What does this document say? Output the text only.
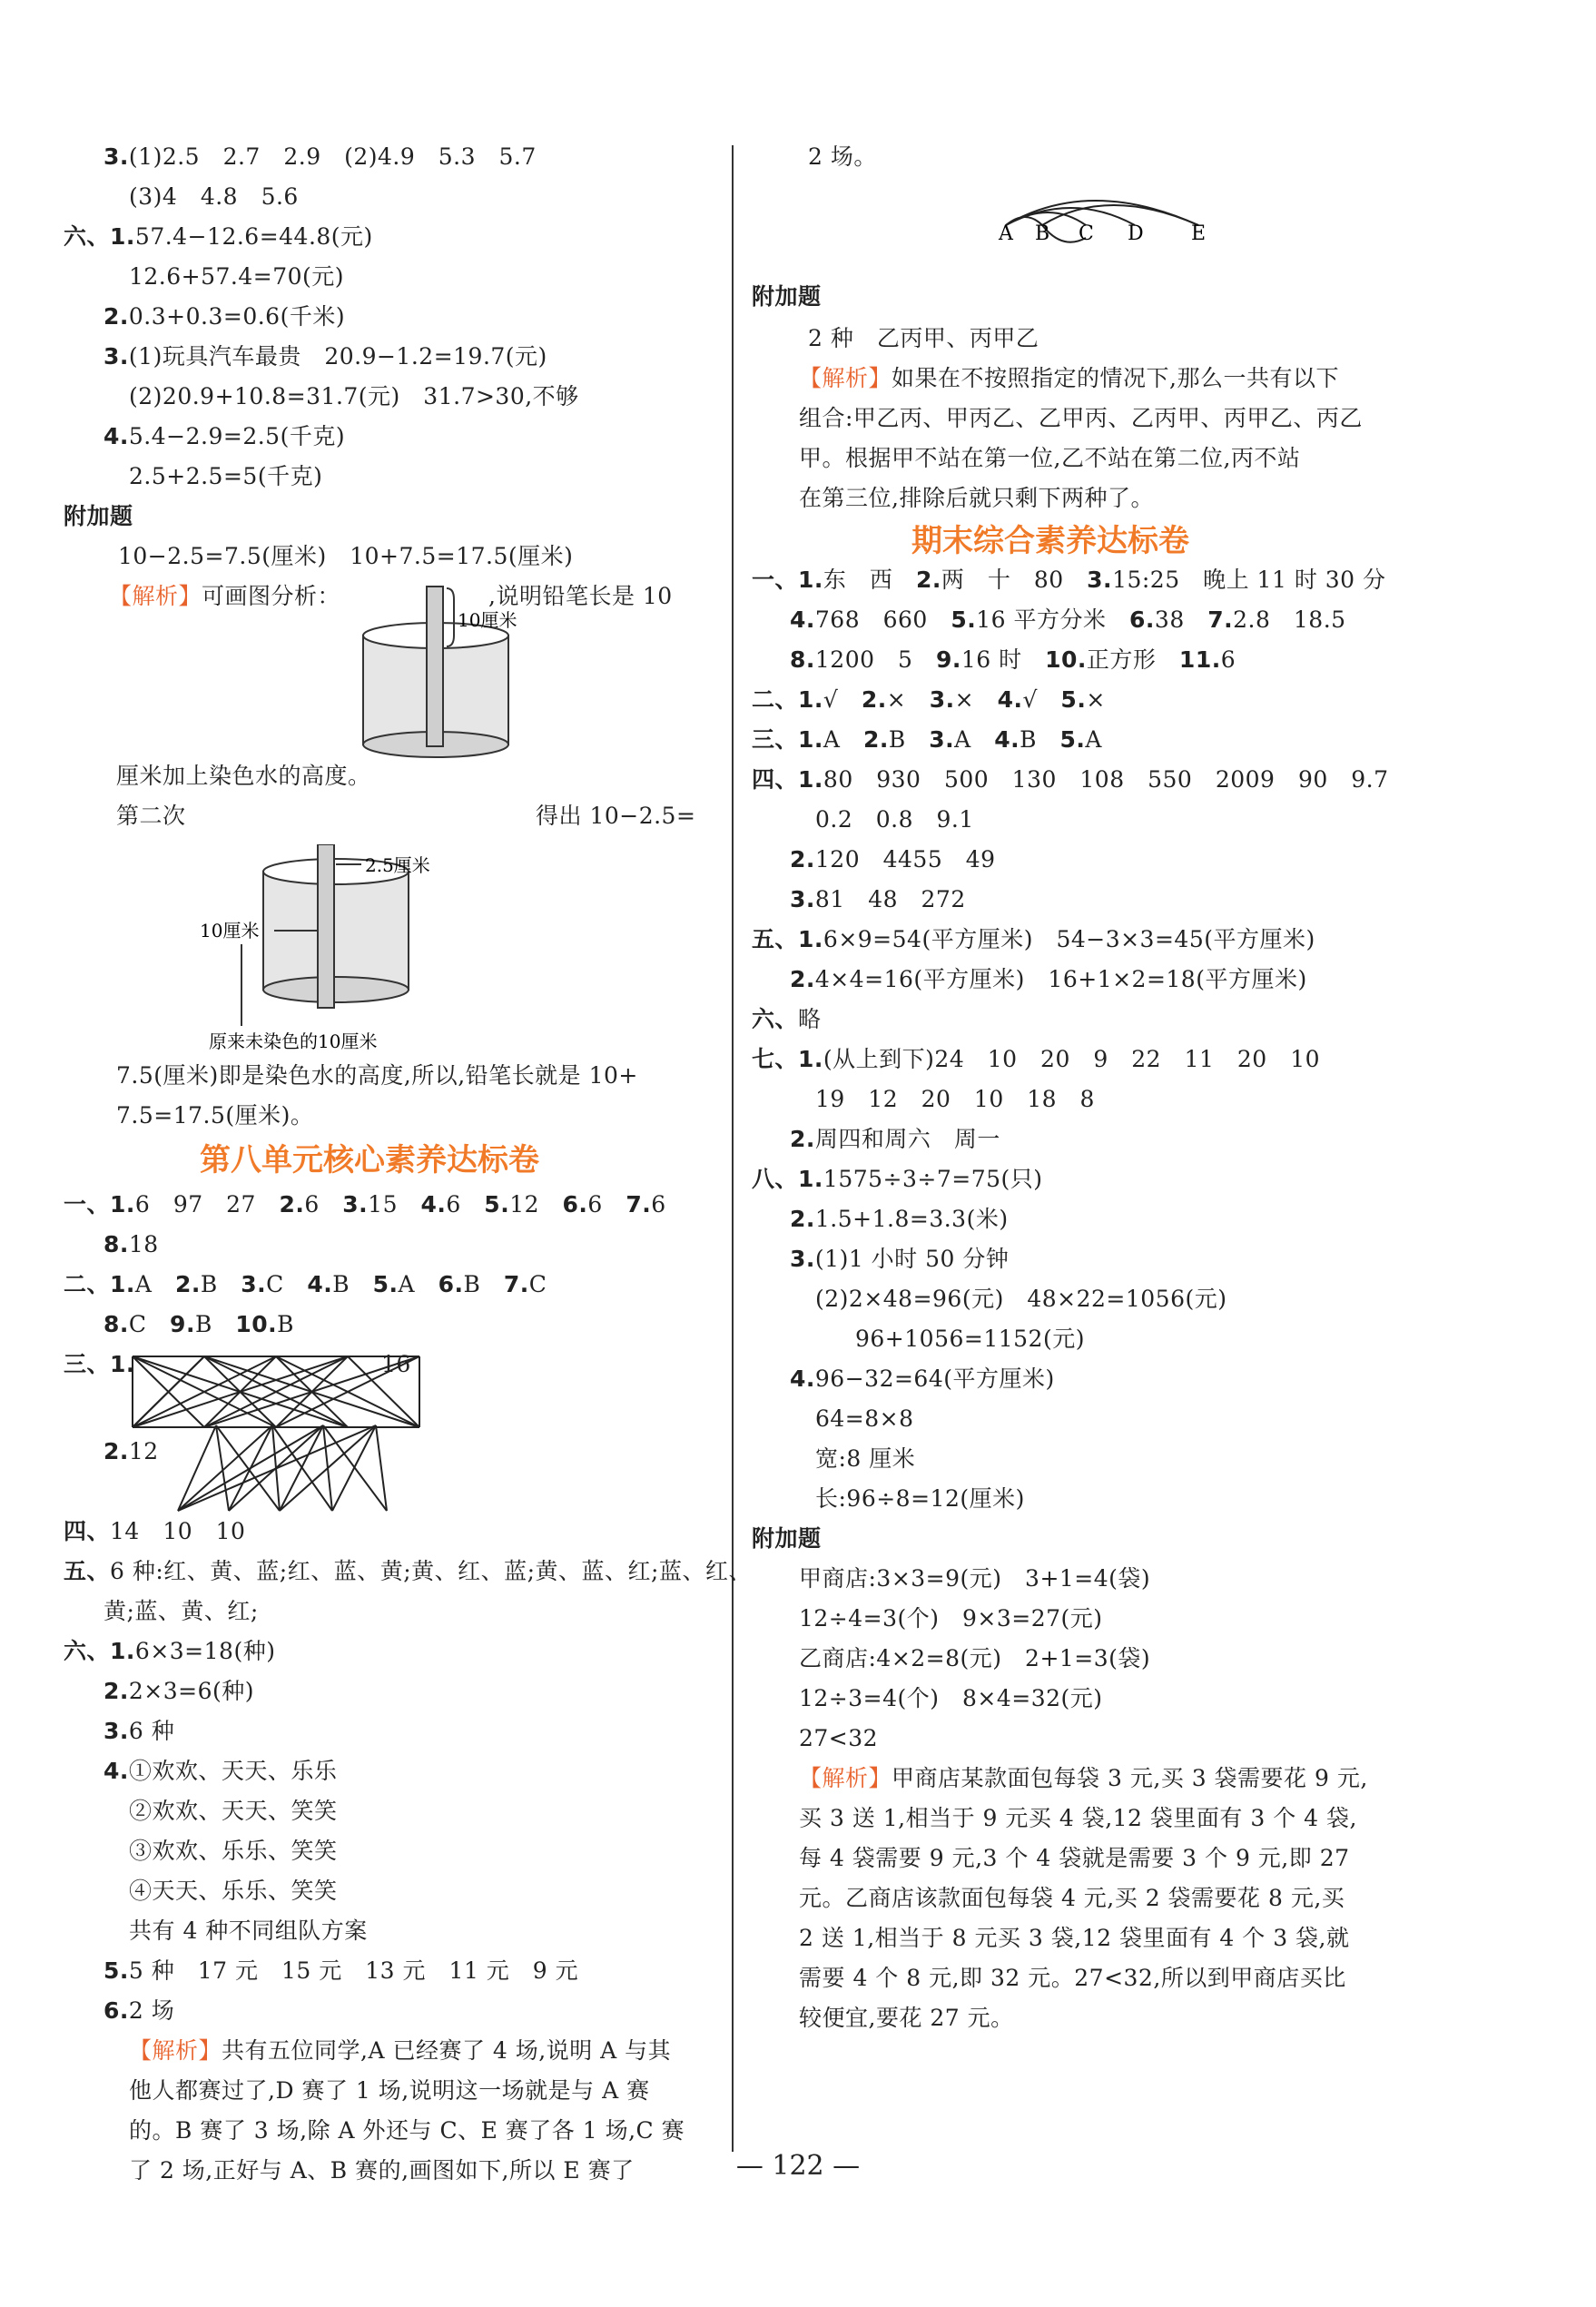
3.(1)2.5　2.7　2.9　(2)4.9　5.3　5.7
(3)4　4.8　5.6
六、1.57.4−12.6=44.8(元)
12.6+57.4=70(元)
2.0.3+0.3=0.6(千米)
3.(1)玩具汽车最贵　20.9−1.2=19.7(元)
(2)20.9+10.8=31.7(元)　31.7>30,不够
4.5.4−2.9=2.5(千克)
2.5+2.5=5(千克)
附加题
10−2.5=7.5(厘米)　10+7.5=17.5(厘米)
【解析】可画图分析：	,说明铅笔长是 10
10厘米
厘米加上染色水的高度。
第二次	得出 10−2.5=
2.5厘米
10厘米
原来未染色的10厘米
7.5(厘米)即是染色水的高度,所以,铅笔长就是 10+
7.5=17.5(厘米)。
第八单元核心素养达标卷
一、1.6　97　27　2.6　3.15　4.6　5.12　6.6　7.6
8.18
二、1.A　2.B　3.C　4.B　5.A　6.B　7.C
8.C　9.B　10.B
三、1.	16
2.12
四、14　10　10
五、6 种:红、黄、蓝;红、蓝、黄;黄、红、蓝;黄、蓝、红;蓝、红、
黄;蓝、黄、红;
六、1.6×3=18(种)
2.2×3=6(种)
3.6 种
4.①欢欢、天天、乐乐
②欢欢、天天、笑笑
③欢欢、乐乐、笑笑
④天天、乐乐、笑笑
共有 4 种不同组队方案
5.5 种　17 元　15 元　13 元　11 元　9 元
6.2 场
【解析】共有五位同学,A 已经赛了 4 场,说明 A 与其
他人都赛过了,D 赛了 1 场,说明这一场就是与 A 赛
的。B 赛了 3 场,除 A 外还与 C、E 赛了各 1 场,C 赛
了 2 场,正好与 A、B 赛的,画图如下,所以 E 赛了
2 场。
A B C D E
附加题
2 种　乙丙甲、丙甲乙
【解析】如果在不按照指定的情况下,那么一共有以下
组合:甲乙丙、甲丙乙、乙甲丙、乙丙甲、丙甲乙、丙乙
甲。根据甲不站在第一位,乙不站在第二位,丙不站
在第三位,排除后就只剩下两种了。
期末综合素养达标卷
一、1.东　西　2.两　十　80　3.15:25　晚上 11 时 30 分
4.768　660　5.16 平方分米　6.38　7.2.8　18.5
8.1200　5　9.16 时　10.正方形　11.6
二、1.√　2.×　3.×　4.√　5.×
三、1.A　2.B　3.A　4.B　5.A
四、1.80　930　500　130　108　550　2009　90　9.7
0.2　0.8　9.1
2.120　4455　49
3.81　48　272
五、1.6×9=54(平方厘米)　54−3×3=45(平方厘米)
2.4×4=16(平方厘米)　16+1×2=18(平方厘米)
六、略
七、1.(从上到下)24　10　20　9　22　11　20　10
19　12　20　10　18　8
2.周四和周六　周一
八、1.1575÷3÷7=75(只)
2.1.5+1.8=3.3(米)
3.(1)1 小时 50 分钟
(2)2×48=96(元)　48×22=1056(元)
96+1056=1152(元)
4.96−32=64(平方厘米)
64=8×8
宽:8 厘米
长:96÷8=12(厘米)
附加题
甲商店:3×3=9(元)　3+1=4(袋)
12÷4=3(个)　9×3=27(元)
乙商店:4×2=8(元)　2+1=3(袋)
12÷3=4(个)　8×4=32(元)
27<32
【解析】甲商店某款面包每袋 3 元,买 3 袋需要花 9 元,
买 3 送 1,相当于 9 元买 4 袋,12 袋里面有 3 个 4 袋,
每 4 袋需要 9 元,3 个 4 袋就是需要 3 个 9 元,即 27
元。乙商店该款面包每袋 4 元,买 2 袋需要花 8 元,买
2 送 1,相当于 8 元买 3 袋,12 袋里面有 4 个 3 袋,就
需要 4 个 8 元,即 32 元。27<32,所以到甲商店买比
较便宜,要花 27 元。
— 122 —
